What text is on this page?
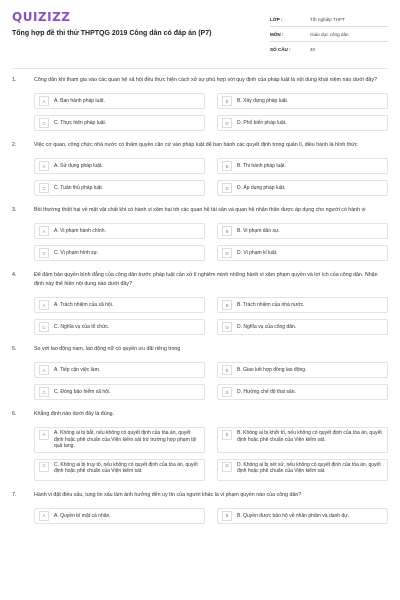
QUIZIZZ
Tổng hợp đề thi thử THPTQG 2019 Công dân có đáp án (P7)
LỚP :	Tốt nghiệp THPT
MÔN :	Giáo dục công dân
SỐ CÂU :	40
1.	Công dân khi tham gia vào các quan hệ xã hội đều thực hiện cách xử sự phù hợp với quy định của pháp luật là nội dung khái niệm nào dưới đây?
A	A. Ban hành pháp luật.	B	B. Xây dựng pháp luật.
C	C. Thực hiện pháp luật.	D	D. Phổ biến pháp luật.
2.	Việc cơ quan, công chức nhà nước có thẩm quyền căn cứ vào pháp luật để ban hành các quyết định trong quản lí, điều hành là hình thức
A	A. Sử dụng pháp luật.	B	B. Thi hành pháp luật.
C	C. Tuân thủ pháp luật.	D	D. Áp dụng pháp luật.
3.	Bồi thường thiệt hại về mặt vật chất khi có hành vi xâm hại tới các quan hệ tài sản và quan hệ nhân thân được áp dụng cho người có hành vi
A	A. Vi phạm hành chính.	B	B. Vi phạm dân sự.
C	C. Vi phạm hình sự.	D	D. Vi phạm kỉ luật.
4.	Để đảm bảo quyền bình đẳng của công dân trước pháp luật cần xử lí nghiêm minh những hành vi xâm phạm quyền và lợi ích của công dân. Nhận định này thể hiện nội dung nào dưới đây?
A	A. Trách nhiệm của xã hội.	B	B. Trách nhiệm của nhà nước.
C	C. Nghĩa vụ của tổ chức.	D	D. Nghĩa vụ của công dân.
5.	So với lao động nam, lao động nữ có quyền ưu đãi riêng trong
A	A. Tiếp cận việc làm.	B	B. Giao kết hợp đồng lao động.
C	C. Đóng bảo hiểm xã hội.	D	D. Hưởng chế độ thai sản.
6.	Khẳng định nào dưới đây là đúng.
A	A. Không ai bị bắt, nếu không có quyết định của tòa án, quyết định hoặc phê chuẩn của Viện kiểm sát trừ trường hợp phạm tội quả tang.
B	B. Không ai bị khởi tố, nếu không có quyết định của tòa án, quyết định hoặc phê chuẩn của Viện kiểm sát.
C	C. Không ai bị truy tố, nếu không có quyết định của tòa án, quyết định hoặc phê chuẩn của Viện kiểm sát.
D	D. Không ai bị xét xử, nếu không có quyết định của tòa án, quyết định hoặc phê chuẩn của Viện kiểm sát.
7.	Hành vi đặt điều xấu, tung tin xấu làm ảnh hưởng đến uy tín của người khác là vi phạm quyền nào của công dân?
A	A. Quyền bí mật cá nhân.	B	B. Quyền được bảo hộ về nhân phẩm và danh dự.
